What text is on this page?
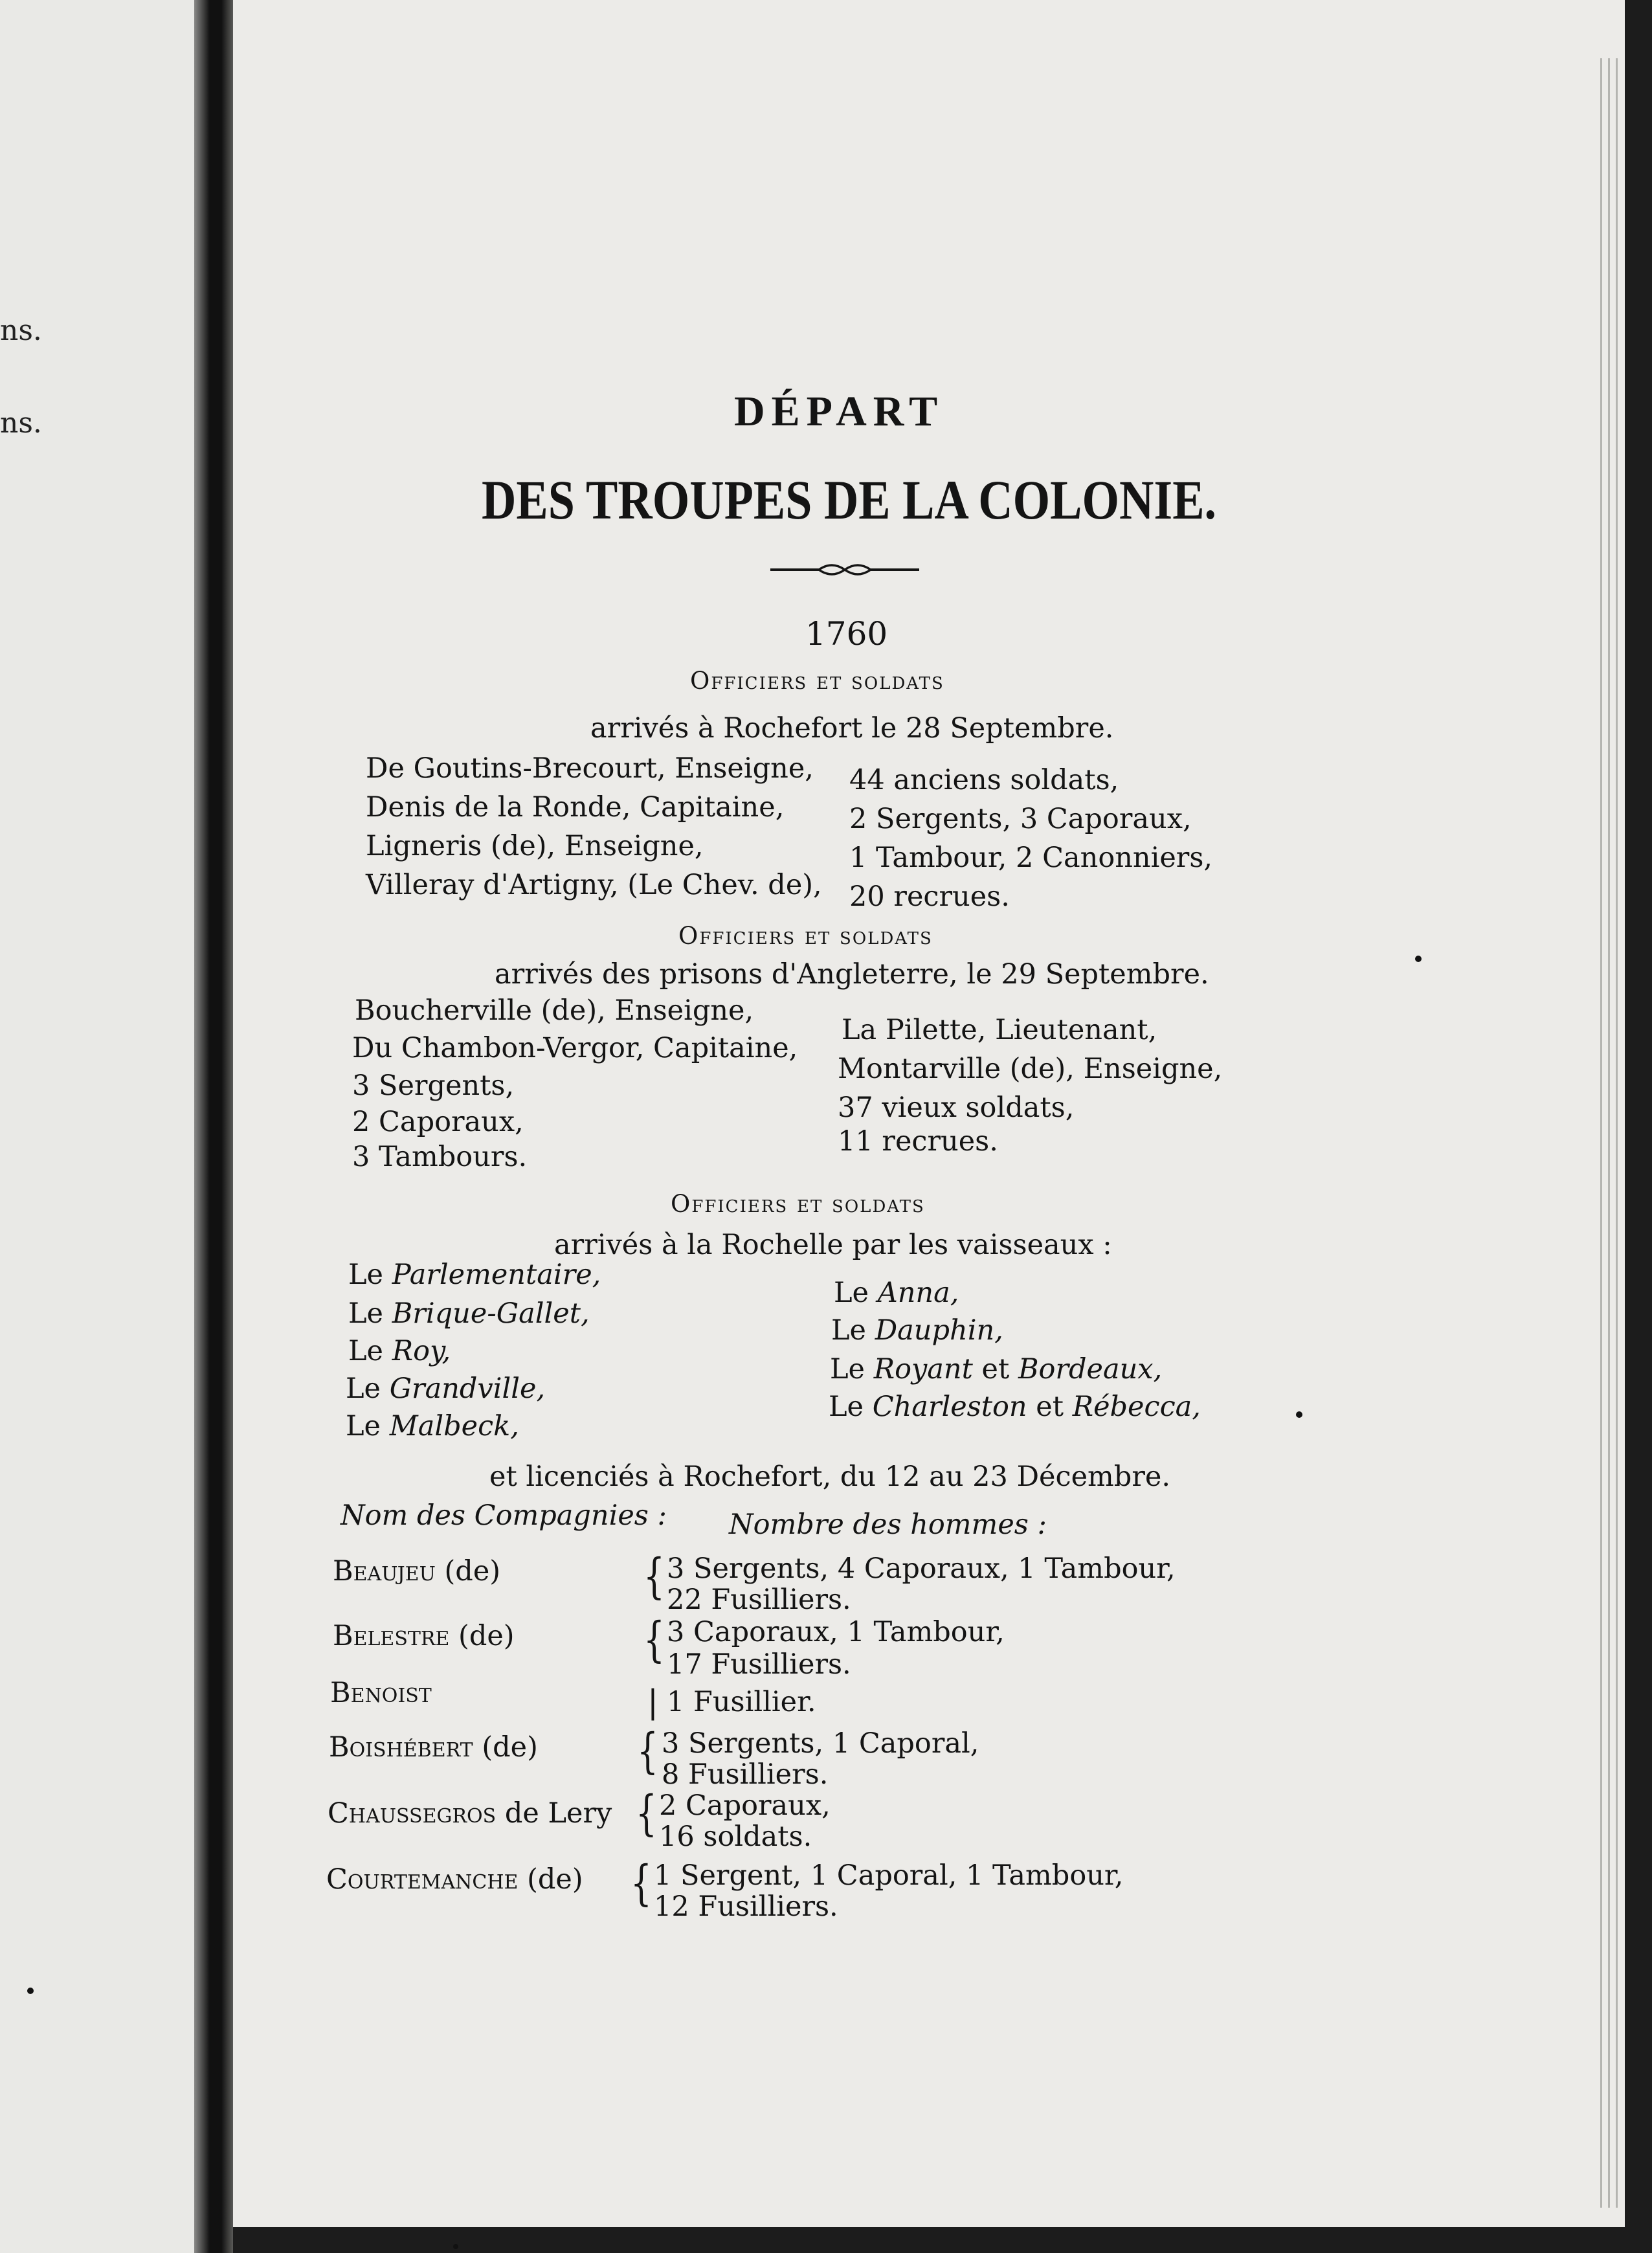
ns.
ns.	DÉPART
DES TROUPES DE LA COLONIE.
1760
Officiers et soldats
arrivés à Rochefort le 28 Septembre.
De Goutins-Brecourt, Enseigne,
Denis de la Ronde, Capitaine,
Ligneris (de), Enseigne,
Villeray d'Artigny, (Le Chev. de),
44 anciens soldats,
2 Sergents, 3 Caporaux,
1 Tambour, 2 Canonniers,
20 recrues.
Officiers et soldats
arrivés des prisons d'Angleterre, le 29 Septembre.
Boucherville (de), Enseigne,
Du Chambon-Vergor, Capitaine,
3 Sergents,
2 Caporaux,
3 Tambours.
La Pilette, Lieutenant,
Montarville (de), Enseigne,
37 vieux soldats,
11 recrues.
Officiers et soldats
arrivés à la Rochelle par les vaisseaux :
Le Parlementaire,
Le Brique-Gallet,
Le Roy,
Le Grandville,
Le Malbeck,
Le Anna,
Le Dauphin,
Le Royant et Bordeaux,
Le Charleston et Rébecca,
et licenciés à Rochefort, du 12 au 23 Décembre.
Nom des Compagnies : Nombre des hommes :
Beaujeu (de)	{ 3 Sergents, 4 Caporaux, 1 Tambour,
22 Fusilliers.
Belestre (de)	{ 3 Caporaux, 1 Tambour,
17 Fusilliers.
Benoist	| 1 Fusillier.
Boishébert (de) { 3 Sergents, 1 Caporal,
8 Fusilliers.
Chaussegros de Lery { 2 Caporaux,
16 soldats.
Courtemanche (de) { 1 Sergent, 1 Caporal, 1 Tambour,
12 Fusilliers.
